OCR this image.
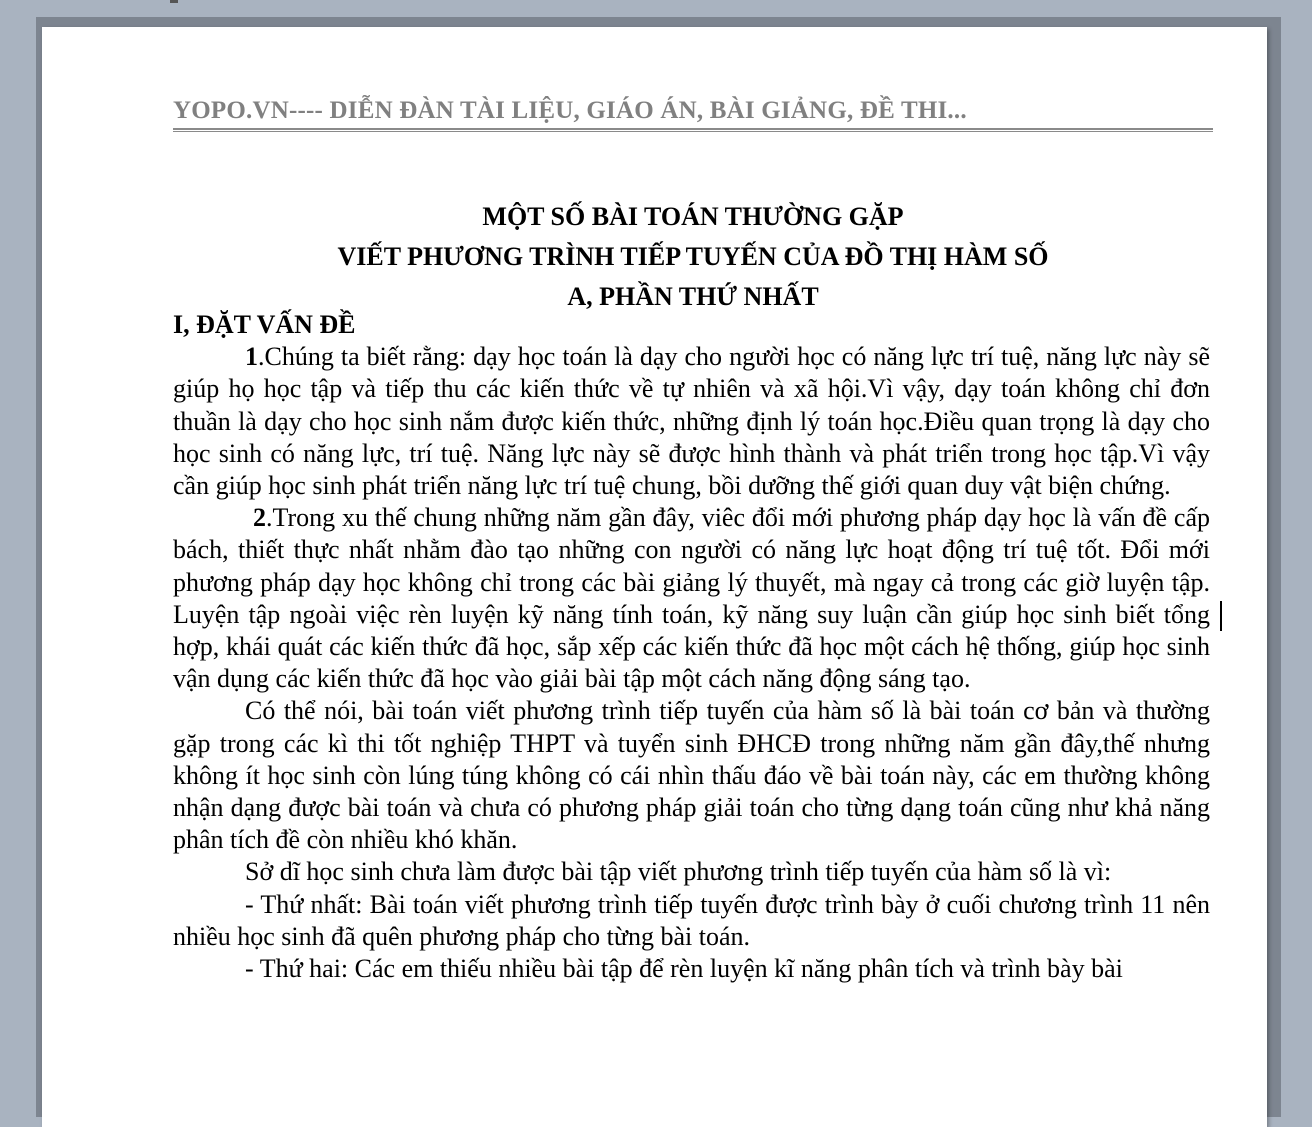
YOPO.VN---- DIỄN ĐÀN TÀI LIỆU, GIÁO ÁN, BÀI GIẢNG, ĐỀ THI...
MỘT SỐ BÀI TOÁN THƯỜNG GẶP
VIẾT PHƯƠNG TRÌNH TIẾP TUYẾN CỦA ĐỒ THỊ HÀM SỐ
A, PHẦN THỨ NHẤT

I, ĐẶT VẤN ĐỀ

1.Chúng ta biết rằng: dạy học toán là dạy cho người học có năng lực trí tuệ, năng lực này sẽ giúp họ học tập và tiếp thu các kiến thức về tự nhiên và xã hội.Vì vậy, dạy toán không chỉ đơn thuần là dạy cho học sinh nắm được kiến thức, những định lý toán học.Điều quan trọng là dạy cho học sinh có năng lực, trí tuệ. Năng lực này sẽ được hình thành và phát triển trong học tập.Vì vậy cần giúp học sinh phát triển năng lực trí tuệ chung, bồi dưỡng thế giới quan duy vật biện chứng.

2.Trong xu thế chung những năm gần đây, viêc đổi mới phương pháp dạy học là vấn đề cấp bách, thiết thực nhất nhằm đào tạo những con người có năng lực hoạt động trí tuệ tốt. Đổi mới phương pháp dạy học không chỉ trong các bài giảng lý thuyết, mà ngay cả trong các giờ luyện tập. Luyện tập ngoài việc rèn luyện kỹ năng tính toán, kỹ năng suy luận cần giúp học sinh biết tổng hợp, khái quát các kiến thức đã học, sắp xếp các kiến thức đã học một cách hệ thống, giúp học sinh vận dụng các kiến thức đã học vào giải bài tập một cách năng động sáng tạo.

Có thể nói, bài toán viết phương trình tiếp tuyến của hàm số là bài toán cơ bản và thường gặp trong các kì thi tốt nghiệp THPT và tuyển sinh ĐHCĐ trong những năm gần đây,thế nhưng không ít học sinh còn lúng túng không có cái nhìn thấu đáo về bài toán này, các em thường không nhận dạng được bài toán và chưa có phương pháp giải toán cho từng dạng toán cũng như khả năng phân tích đề còn nhiều khó khăn.

Sở dĩ học sinh chưa làm được bài tập viết phương trình tiếp tuyến của hàm số là vì:

- Thứ nhất: Bài toán viết phương trình tiếp tuyến được trình bày ở cuối chương trình 11 nên nhiều học sinh đã quên phương pháp cho từng bài toán.

- Thứ hai: Các em thiếu nhiều bài tập để rèn luyện kĩ năng phân tích và trình bày bài
